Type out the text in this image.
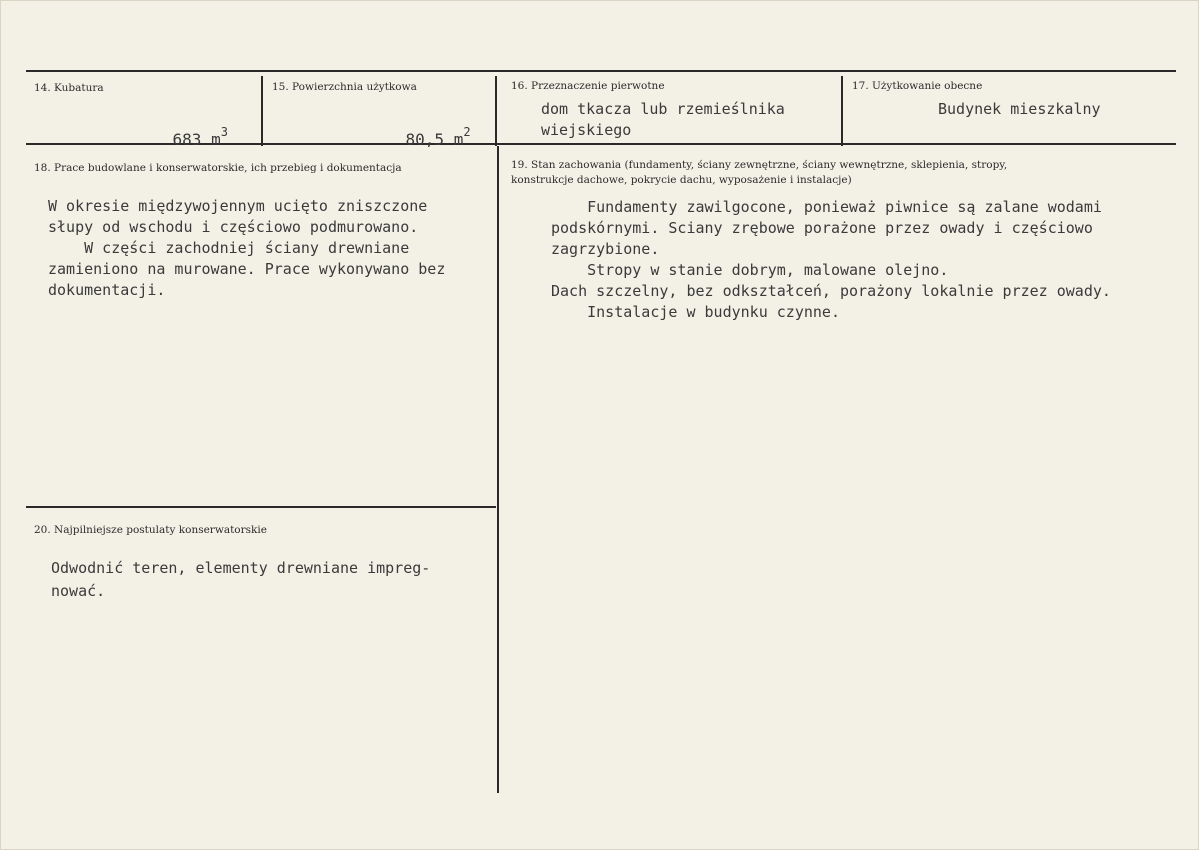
14. Kubatura

683 $m^3$

15. Powierzchnia użytkowa

80,5 $m^2$

16. Przeznaczenie pierwotne
dom tkacza lub rzemieślnika
wiejskiego
17. Użytkowanie obecne
Budynek mieszkalny
18. Prace budowlane i konserwatorskie, ich przebieg i dokumentacja
W okresie międzywojennym ucięto zniszczone
słupy od wschodu i częściowo podmurowano.
W części zachodniej ściany drewniane
zamieniono na murowane. Prace wykonywano bez
dokumentacji.
19. Stan zachowania (fundamenty, ściany zewnętrzne, ściany wewnętrzne, sklepienia, stropy,
konstrukcje dachowe, pokrycie dachu, wyposażenie i instalacje)
Fundamenty zawilgocone, ponieważ piwnice są zalane wodami
podskórnymi. Sciany zrębowe porażone przez owady i częściowo
zagrzybione.
Stropy w stanie dobrym, malowane olejno.
Dach szczelny, bez odkształceń, porażony lokalnie przez owady.
Instalacje w budynku czynne.
20. Najpilniejsze postulaty konserwatorskie
Odwodnić teren, elementy drewniane impreg-
nować.
